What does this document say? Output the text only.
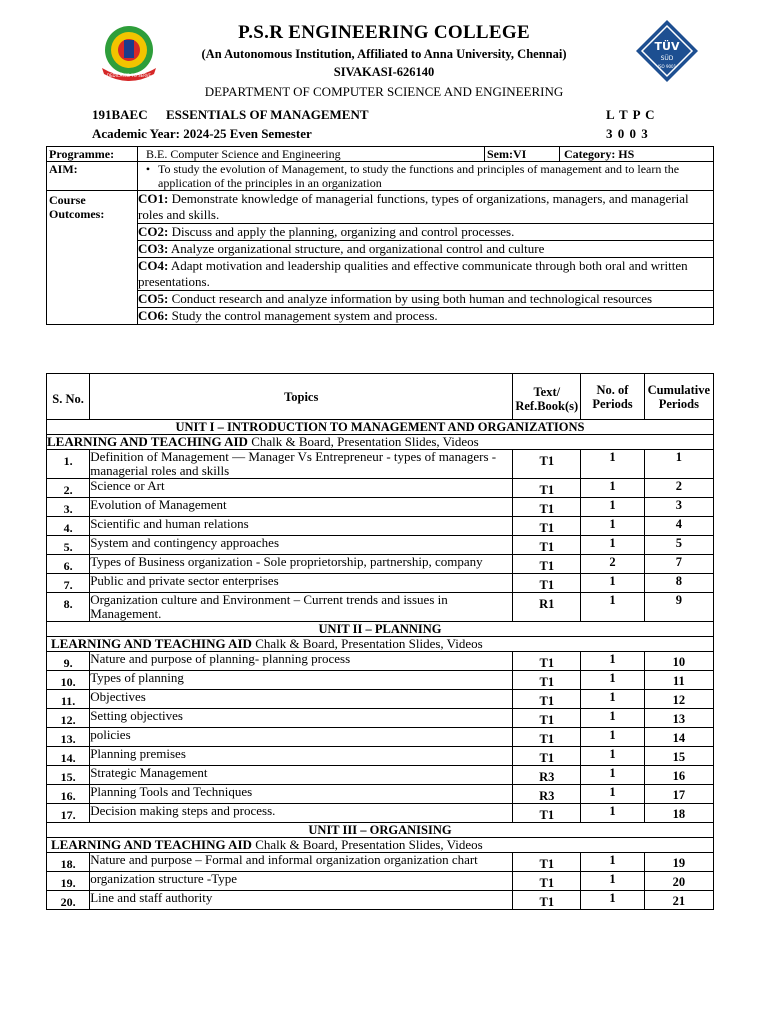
DEDICATED TO SERVE
TÜV
SÜD
ISO 9001
P.S.R ENGINEERING COLLEGE
(An Autonomous Institution, Affiliated to Anna University, Chennai)
SIVAKASI-626140
DEPARTMENT OF COMPUTER SCIENCE AND ENGINEERING
191BAEC ESSENTIALS OF MANAGEMENT	L T P C
Academic Year: 2024-25 Even Semester	3 0 0 3
Programme:	B.E. Computer Science and Engineering	Sem:VI	Category: HS
AIM:	• To study the evolution of Management, to study the functions and principles of management and to learn the application of the principles in an organization		

Course Outcomes:	CO1: Demonstrate knowledge of managerial functions, types of organizations, managers, and managerial roles and skills.		
	CO2: Discuss and apply the planning, organizing and control processes.		
	CO3: Analyze organizational structure, and organizational control and culture		
	CO4: Adapt motivation and leadership qualities and effective communicate through both oral and written presentations.		
	CO5: Conduct research and analyze information by using both human and technological resources		
	CO6: Study the control management system and process.		
S. No.	Topics	Text/ Ref.Book(s)	No. of Periods	Cumulative Periods
UNIT I – INTRODUCTION TO MANAGEMENT AND ORGANIZATIONS				
LEARNING AND TEACHING AID Chalk & Board, Presentation Slides, Videos				
1.	Definition of Management — Manager Vs Entrepreneur - types of managers -managerial roles and skills	T1	1	1
2.	Science or Art	T1	1	2
3.	Evolution of Management	T1	1	3
4.	Scientific and human relations	T1	1	4
5.	System and contingency approaches	T1	1	5
6.	Types of Business organization - Sole proprietorship, partnership, company	T1	2	7
7.	Public and private sector enterprises	T1	1	8
8.	Organization culture and Environment – Current trends and issues in Management.	R1	1	9
UNIT II – PLANNING				
LEARNING AND TEACHING AID Chalk & Board, Presentation Slides, Videos				
9.	Nature and purpose of planning- planning process	T1	1	10
10.	Types of planning	T1	1	11
11.	Objectives	T1	1	12
12.	Setting objectives	T1	1	13
13.	policies	T1	1	14
14.	Planning premises	T1	1	15
15.	Strategic Management	R3	1	16
16.	Planning Tools and Techniques	R3	1	17
17.	Decision making steps and process.	T1	1	18
UNIT III – ORGANISING				
LEARNING AND TEACHING AID Chalk & Board, Presentation Slides, Videos				
18.	Nature and purpose – Formal and informal organization organization chart	T1	1	19
19.	organization structure -Type	T1	1	20
20.	Line and staff authority	T1	1	21
